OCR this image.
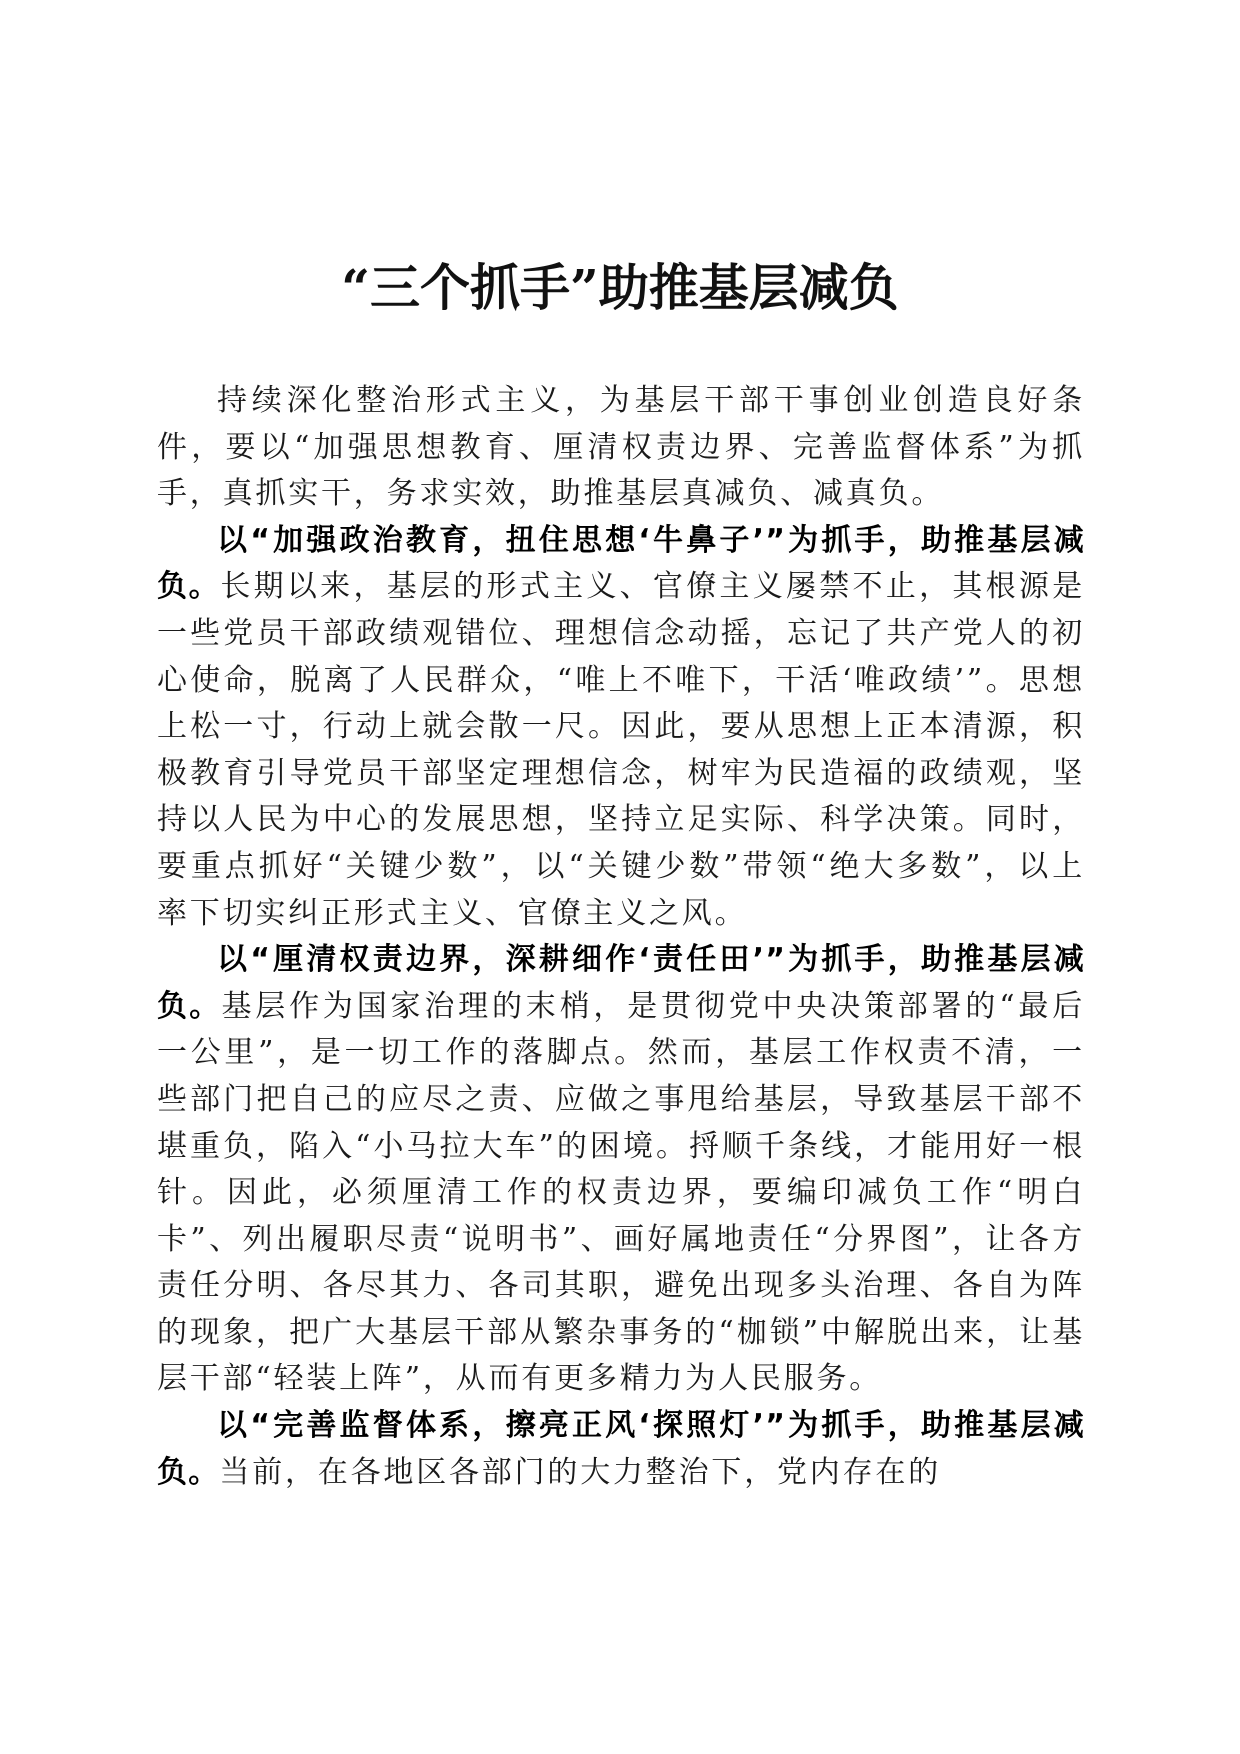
“三个抓手”助推基层减负

持续深化整治形式主义，为基层干部干事创业创造良好条件，要以“加强思想教育、厘清权责边界、完善监督体系”为抓手，真抓实干，务求实效，助推基层真减负、减真负。

以“加强政治教育，扭住思想‘牛鼻子’”为抓手，助推基层减负。长期以来，基层的形式主义、官僚主义屡禁不止，其根源是一些党员干部政绩观错位、理想信念动摇，忘记了共产党人的初心使命，脱离了人民群众，“唯上不唯下，干活‘唯政绩’”。思想上松一寸，行动上就会散一尺。因此，要从思想上正本清源，积极教育引导党员干部坚定理想信念，树牢为民造福的政绩观，坚持以人民为中心的发展思想，坚持立足实际、科学决策。同时，要重点抓好“关键少数”，以“关键少数”带领“绝大多数”，以上率下切实纠正形式主义、官僚主义之风。

以“厘清权责边界，深耕细作‘责任田’”为抓手，助推基层减负。基层作为国家治理的末梢，是贯彻党中央决策部署的“最后一公里”，是一切工作的落脚点。然而，基层工作权责不清，一些部门把自己的应尽之责、应做之事甩给基层，导致基层干部不堪重负，陷入“小马拉大车”的困境。捋顺千条线，才能用好一根针。因此，必须厘清工作的权责边界，要编印减负工作“明白卡”、列出履职尽责“说明书”、画好属地责任“分界图”，让各方责任分明、各尽其力、各司其职，避免出现多头治理、各自为阵的现象，把广大基层干部从繁杂事务的“枷锁”中解脱出来，让基层干部“轻装上阵”，从而有更多精力为人民服务。

以“完善监督体系，擦亮正风‘探照灯’”为抓手，助推基层减负。当前，在各地区各部门的大力整治下，党内存在的
